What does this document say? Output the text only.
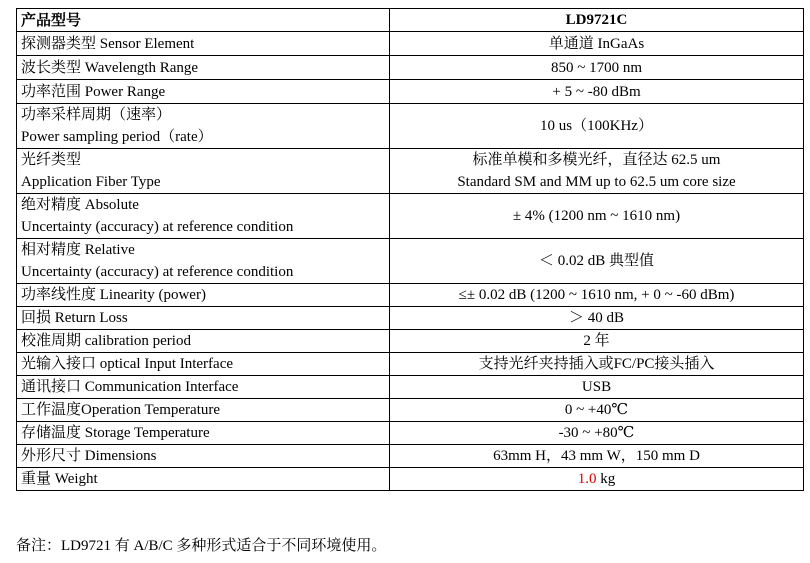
产品型号	LD9721C

探测器类型 Sensor Element	单通道 InGaAs

波长类型 Wavelength Range	850 ~ 1700 nm

功率范围 Power Range	+ 5 ~ -80 dBm

功率采样周期（速率）
Power sampling period（rate）	10 us（100KHz）

光纤类型
Application Fiber Type	标准单模和多模光纤，直径达 62.5 um
Standard SM and MM up to 62.5 um core size

绝对精度 Absolute
Uncertainty (accuracy) at reference condition	± 4% (1200 nm ~ 1610 nm)

相对精度 Relative
Uncertainty (accuracy) at reference condition	＜ 0.02 dB 典型值

功率线性度 Linearity (power)	≤± 0.02 dB (1200 ~ 1610 nm, + 0 ~ -60 dBm)

回损 Return Loss	＞ 40 dB

校准周期 calibration period	2 年

光输入接口 optical Input Interface	支持光纤夹持插入或FC/PC接头插入

通讯接口 Communication Interface	USB

工作温度Operation Temperature	0 ~ +40℃

存储温度 Storage Temperature	-30 ~ +80℃

外形尺寸 Dimensions	63mm H，43 mm W，150 mm D

重量 Weight	1.0 kg
备注：LD9721 有 A/B/C 多种形式适合于不同环境使用。
